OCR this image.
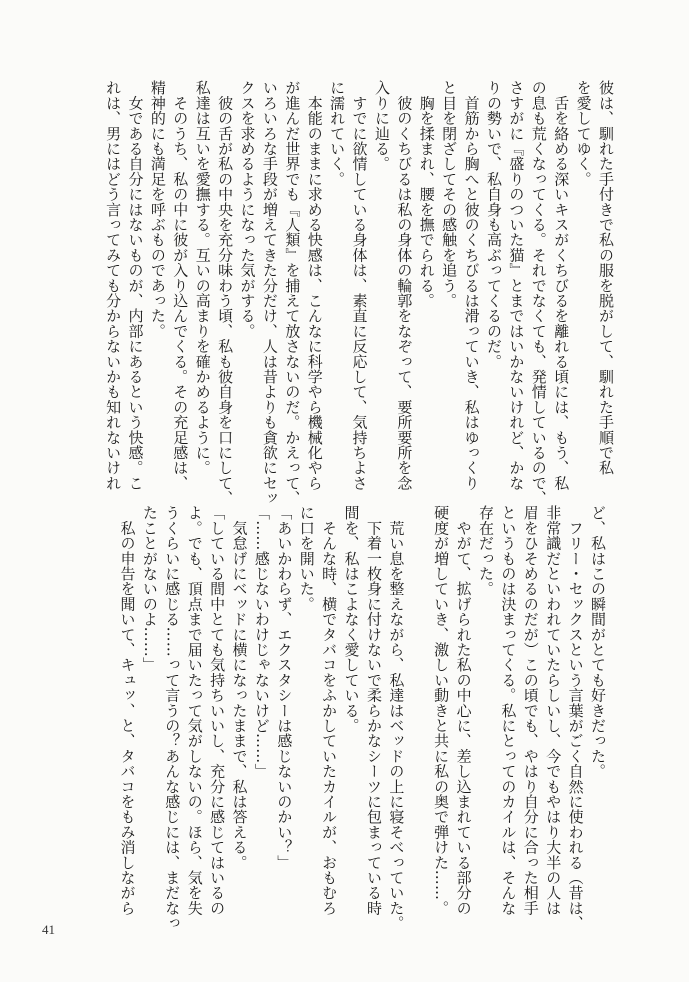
彼は、馴れた手付きで私の服を脱がして、馴れた手順で私
を愛してゆく。
　舌を絡める深いキスがくちびるを離れる頃には、もう、私
の息も荒くなってくる。それでなくても、発情しているので、
さすがに『盛りのついた猫』とまではいかないけれど、かな
りの勢いで、私自身も高ぶってくるのだ。
　首筋から胸へと彼のくちびるは滑っていき、私はゆっくり
と目を閉ざしてその感触を追う。
　胸を揉まれ、腰を撫でられる。
　彼のくちびるは私の身体の輪郭をなぞって、要所要所を念
入りに辿る。
　すでに欲情している身体は、素直に反応して、気持ちよさ
に濡れていく。
　本能のままに求める快感は、こんなに科学やら機械化やら
が進んだ世界でも『人類』を捕えて放さないのだ。かえって、
いろいろな手段が増えてきた分だけ、人は昔よりも貪欲にセッ
クスを求めるようになった気がする。
　彼の舌が私の中央を充分味わう頃、私も彼自身を口にして、
私達は互いを愛撫する。互いの高まりを確かめるように。
　そのうち、私の中に彼が入り込んでくる。その充足感は、
精神的にも満足を呼ぶものであった。
　女である自分にはないものが、内部にあるという快感。こ
れは、男にはどう言ってみても分からないかも知れないけれ
ど、私はこの瞬間がとても好きだった。
　フリー・セックスという言葉がごく自然に使われる（昔は、
非常識だといわれていたらしいし、今でもやはり大半の人は
眉をひそめるのだが）この頃でも、やはり自分に合った相手
というものは決まってくる。私にとってのカイルは、そんな
存在だった。
　やがて、拡げられた私の中心に、差し込まれている部分の
硬度が増していき、激しい動きと共に私の奥で弾けた……。
　荒い息を整えながら、私達はベッドの上に寝そべっていた。
　下着一枚身に付けないで柔らかなシーツに包まっている時
間を、私はこよなく愛している。
　そんな時、横でタバコをふかしていたカイルが、おもむろ
に口を開いた。
「あいかわらず、エクスタシーは感じないのかい？」
「……感じないわけじゃないけど……」
　気怠げにベッドに横になったままで、私は答える。
「している間中とても気持ちいいし、充分に感じてはいるの
よ。でも、頂点まで届いたって気がしないの。ほら、気を失
うくらいに感じる……って言うの？あんな感じには、まだなっ
たことがないのよ……」
　私の申告を聞いて、キュッ、と、タバコをもみ消しながら
41
